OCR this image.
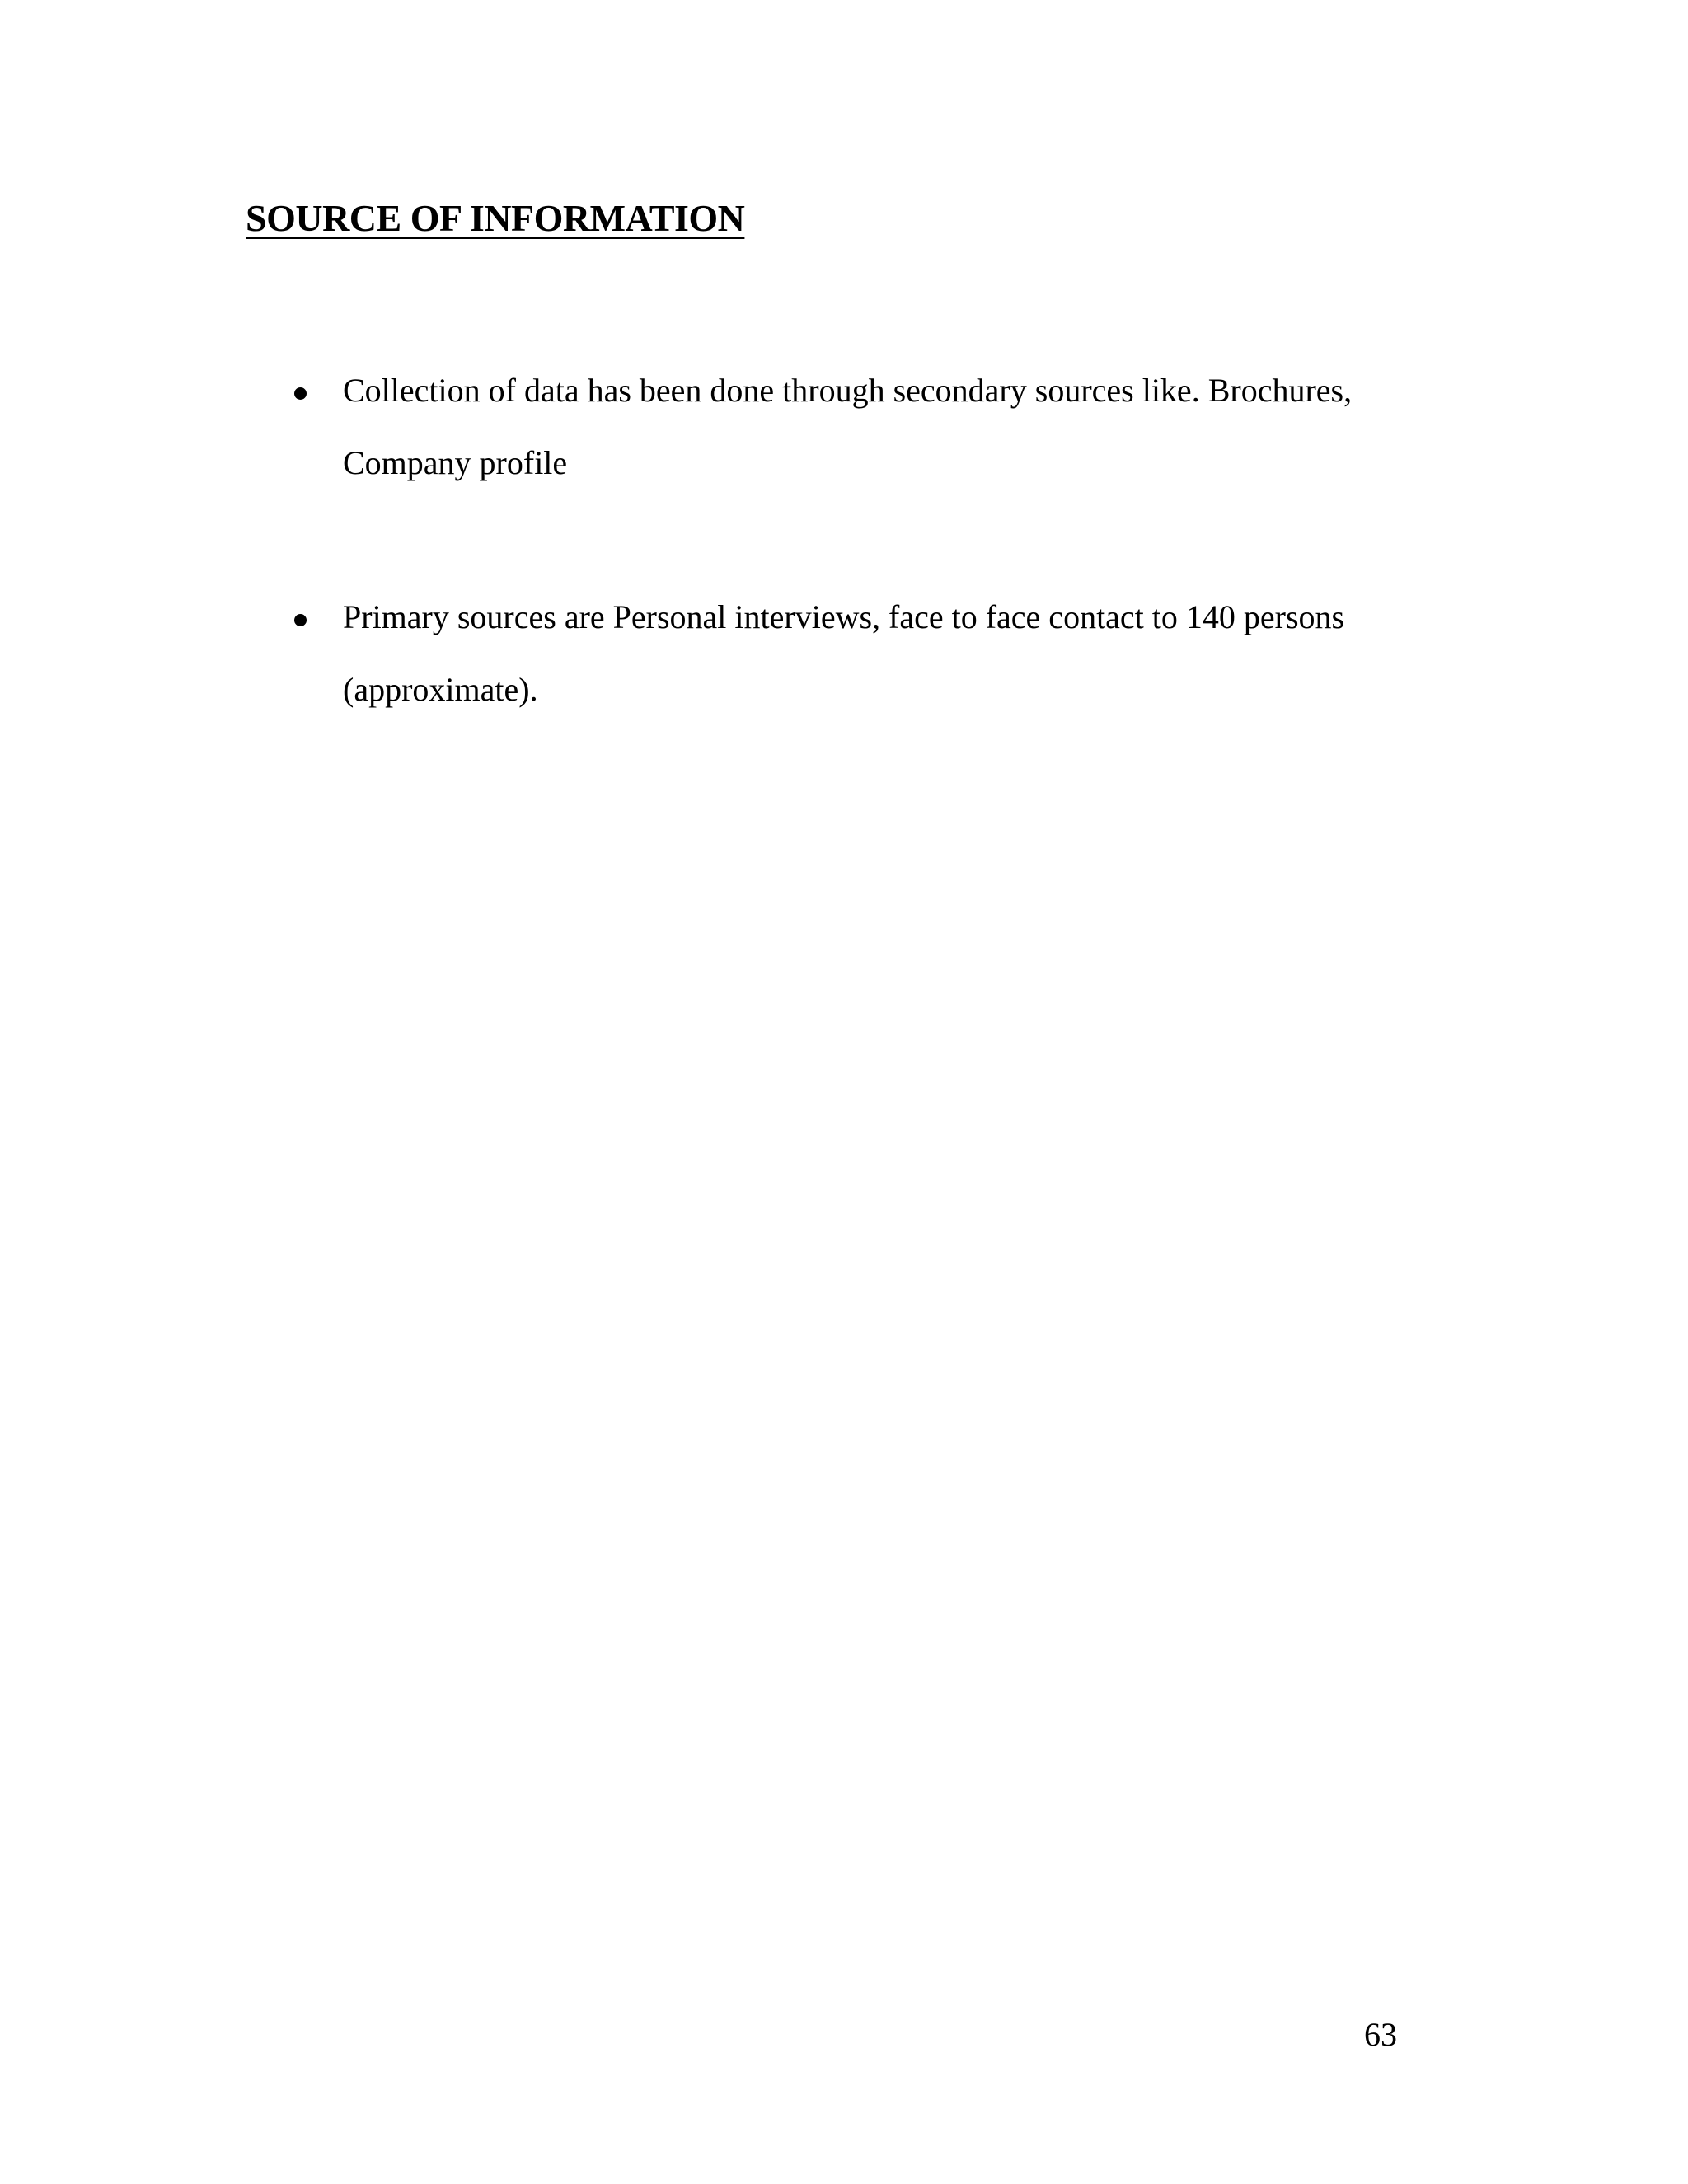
SOURCE OF INFORMATION
Collection of data has been done through secondary sources like. Brochures,
Company profile
Primary sources are Personal interviews, face to face contact to 140 persons
(approximate).
63
